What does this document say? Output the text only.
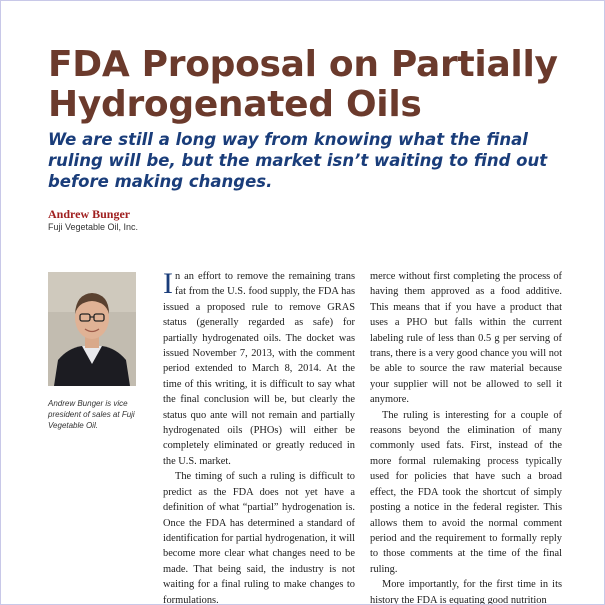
FDA Proposal on Partially Hydrogenated Oils
We are still a long way from knowing what the final ruling will be, but the market isn’t waiting to find out before making changes.
Andrew Bunger
Fuji Vegetable Oil, Inc.
Andrew Bunger is vice president of sales at Fuji Vegetable Oil.

In an effort to remove the remaining trans fat from the U.S. food supply, the FDA has issued a proposed rule to remove GRAS status (generally regarded as safe) for partially hydrogenated oils. The docket was issued November 7, 2013, with the comment period extended to March 8, 2014. At the time of this writing, it is difficult to say what the final conclusion will be, but clearly the status quo ante will not remain and partially hydrogenated oils (PHOs) will either be completely eliminated or greatly reduced in the U.S. market.

The timing of such a ruling is difficult to predict as the FDA does not yet have a definition of what “partial” hydrogenation is. Once the FDA has determined a standard of identification for partial hydrogenation, it will become more clear what changes need to be made. That being said, the industry is not waiting for a final ruling to make changes to formulations.

merce without first completing the process of having them approved as a food additive. This means that if you have a product that uses a PHO but falls within the current labeling rule of less than 0.5 g per serving of trans, there is a very good chance you will not be able to source the raw material because your supplier will not be allowed to sell it anymore.

The ruling is interesting for a couple of reasons beyond the elimination of many commonly used fats. First, instead of the more formal rulemaking process typically used for policies that have such a broad effect, the FDA took the shortcut of simply posting a notice in the federal register. This allows them to avoid the normal comment period and the requirement to formally reply to those comments at the time of the final ruling.

More importantly, for the first time in its history the FDA is equating good nutrition
